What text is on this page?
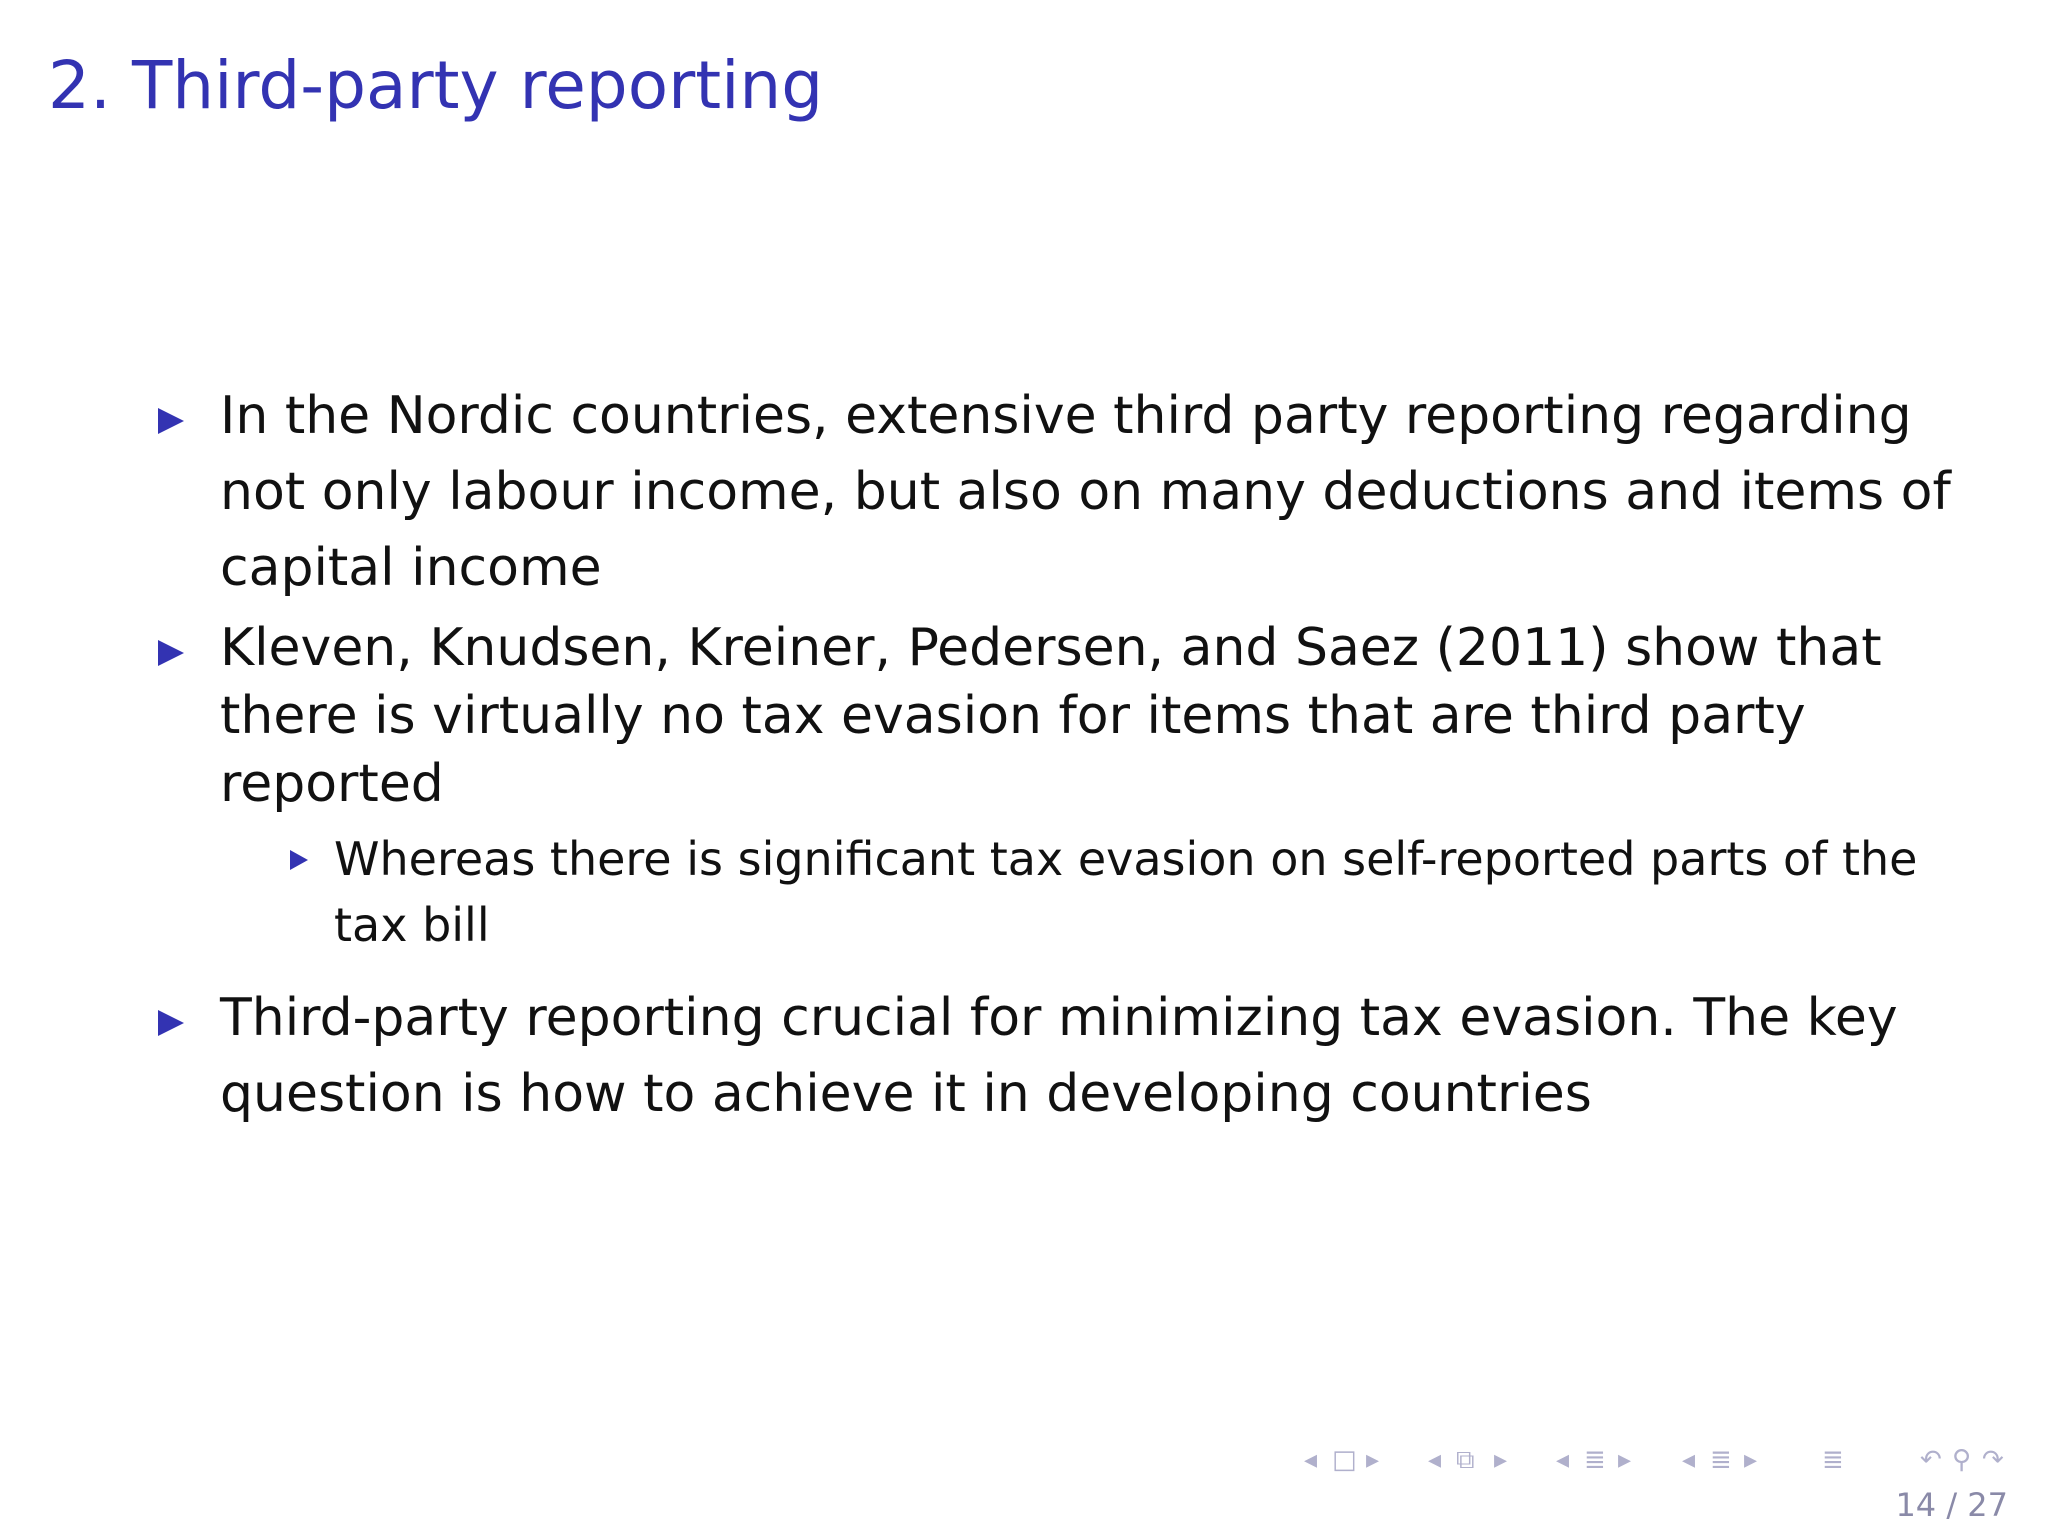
2. Third-party reporting
In the Nordic countries, extensive third party reporting regarding not only labour income, but also on many deductions and items of capital income
Kleven, Knudsen, Kreiner, Pedersen, and Saez (2011) show that there is virtually no tax evasion for items that are third party reported
Whereas there is significant tax evasion on self-reported parts of the tax bill
Third-party reporting crucial for minimizing tax evasion. The key question is how to achieve it in developing countries
◂ □ ▸ ◂ ⧉ ▸ ◂ ≣ ▸ ◂ ≣ ▸ ≣	↶ ⚲ ↷
14 / 27
